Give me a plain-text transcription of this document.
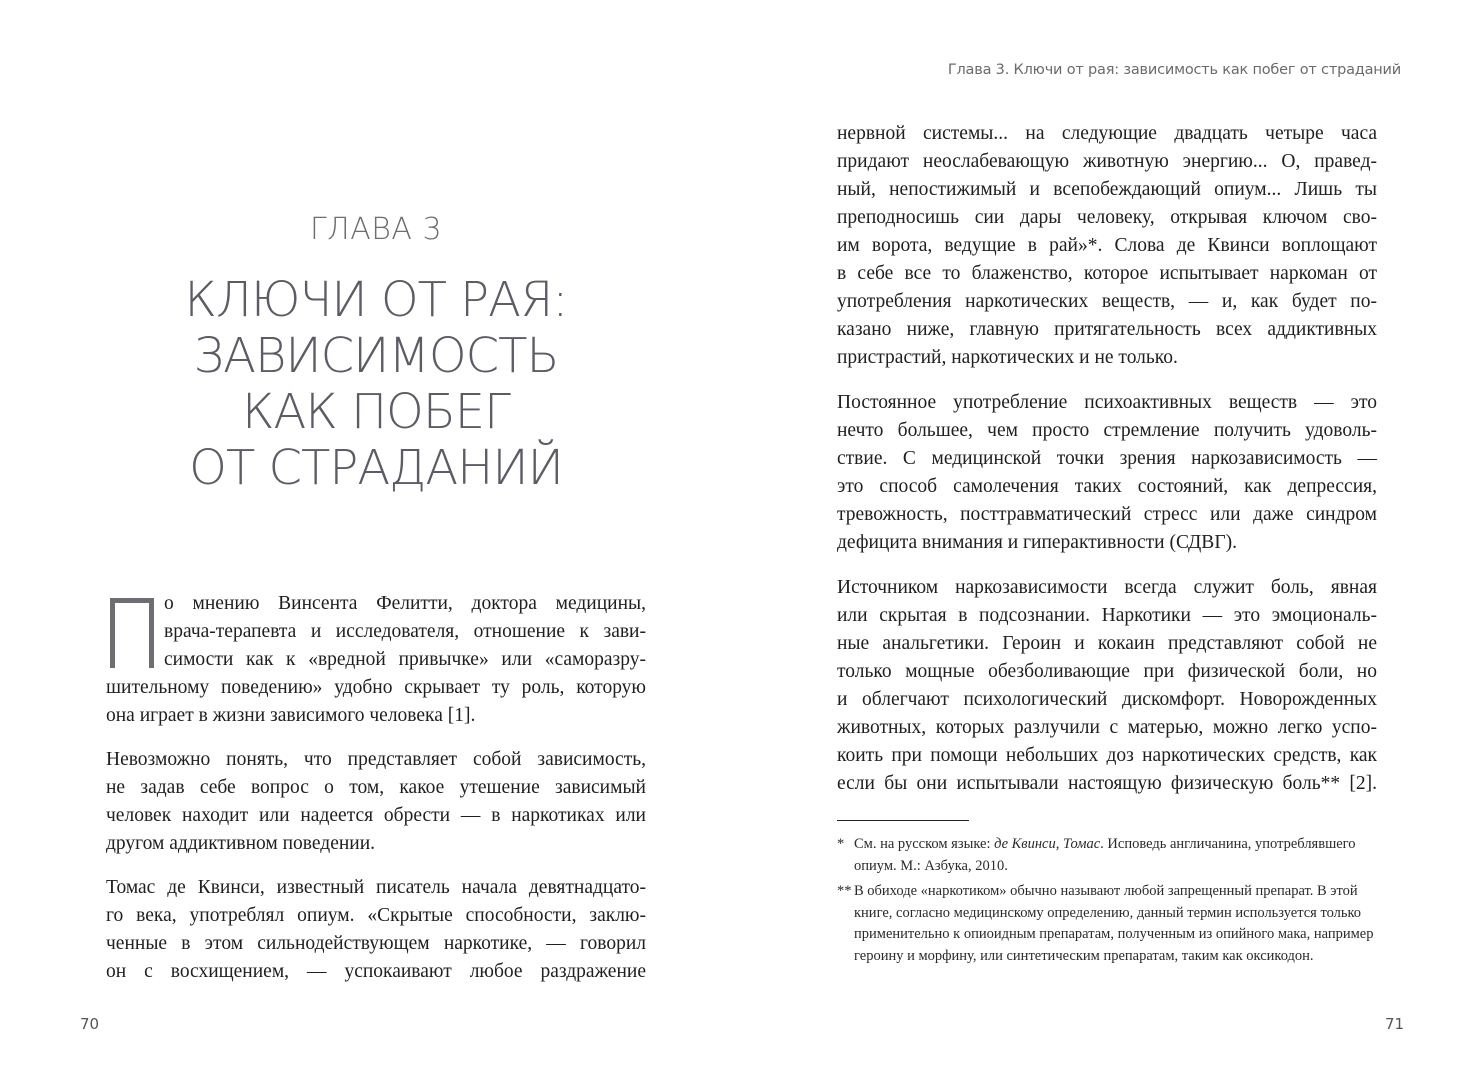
ГЛАВА 3
КЛЮЧИ ОТ РАЯ:
ЗАВИСИМОСТЬ
КАК ПОБЕГ
ОТ СТРАДАНИЙ

о мнению Винсента Фелитти, доктора медицины,
врача-терапевта и исследователя, отношение к зави-
симости как к «вредной привычке» или «саморазру-
шительному поведению» удобно скрывает ту роль, которую
она играет в жизни зависимого человека [1].

Невозможно понять, что представляет собой зависимость,
не задав себе вопрос о том, какое утешение зависимый
человек находит или надеется обрести — в наркотиках или
другом аддиктивном поведении.

Томас де Квинси, известный писатель начала девятнадцато-
го века, употреблял опиум. «Скрытые способности, заклю-
ченные в этом сильнодействующем наркотике, — говорил
он с восхищением, — успокаивают любое раздражение

70
Глава 3. Ключи от рая: зависимость как побег от страданий

нервной системы... на следующие двадцать четыре часа
придают неослабевающую животную энергию... О, правед-
ный, непостижимый и всепобеждающий опиум... Лишь ты
преподносишь сии дары человеку, открывая ключом сво-
им ворота, ведущие в рай»*. Слова де Квинси воплощают
в себе все то блаженство, которое испытывает наркоман от
употребления наркотических веществ, — и, как будет по-
казано ниже, главную притягательность всех аддиктивных
пристрастий, наркотических и не только.

Постоянное употребление психоактивных веществ — это
нечто большее, чем просто стремление получить удоволь-
ствие. С медицинской точки зрения наркозависимость —
это способ самолечения таких состояний, как депрессия,
тревожность, посттравматический стресс или даже синдром
дефицита внимания и гиперактивности (СДВГ).

Источником наркозависимости всегда служит боль, явная
или скрытая в подсознании. Наркотики — это эмоциональ-
ные анальгетики. Героин и кокаин представляют собой не
только мощные обезболивающие при физической боли, но
и облегчают психологический дискомфорт. Новорожденных
животных, которых разлучили с матерью, можно легко успо-
коить при помощи небольших доз наркотических средств, как
если бы они испытывали настоящую физическую боль** [2].

* См. на русском языке: де Квинси, Томас. Исповедь англичанина, употреблявшего опиум. М.: Азбука, 2010.
** В обиходе «наркотиком» обычно называют любой запрещенный препарат. В этой книге, согласно медицинскому определению, данный термин используется только применительно к опиоидным препаратам, полученным из опийного мака, например героину и морфину, или синтетическим препаратам, таким как оксикодон.
71
